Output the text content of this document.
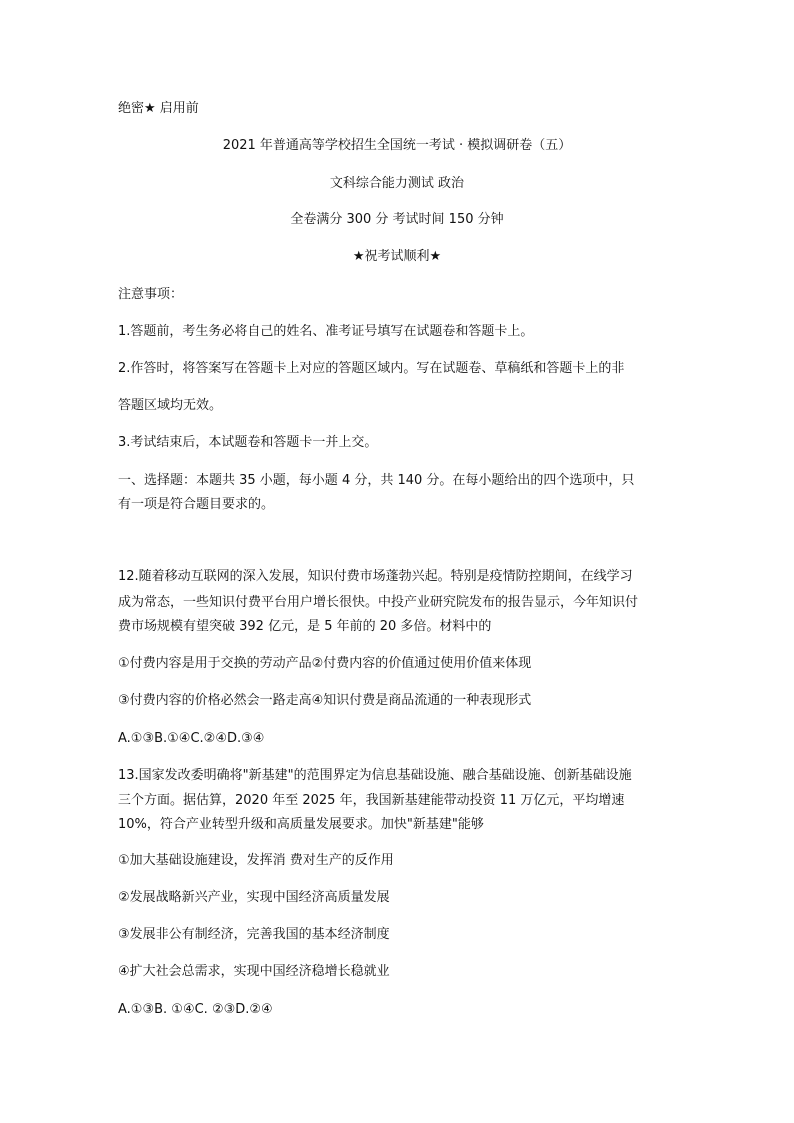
绝密★ 启用前
2021 年普通高等学校招生全国统一考试 · 模拟调研卷（五）
文科综合能力测试 政治
全卷满分 300 分 考试时间 150 分钟
★祝考试顺利★
注意事项：
1.答题前，考生务必将自己的姓名、准考证号填写在试题卷和答题卡上。
2.作答时，将答案写在答题卡上对应的答题区域内。写在试题卷、草稿纸和答题卡上的非
答题区域均无效。
3.考试结束后，本试题卷和答题卡一并上交。
一、选择题：本题共 35 小题，每小题 4 分，共 140 分。在每小题给出的四个选项中，只
有一项是符合题目要求的。
12.随着移动互联网的深入发展，知识付费市场蓬勃兴起。特别是疫情防控期间，在线学习
成为常态，一些知识付费平台用户增长很快。中投产业研究院发布的报告显示，今年知识付
费市场规模有望突破 392 亿元，是 5 年前的 20 多倍。材料中的
①付费内容是用于交换的劳动产品②付费内容的价值通过使用价值来体现
③付费内容的价格必然会一路走高④知识付费是商品流通的一种表现形式
A.①③B.①④C.②④D.③④
13.国家发改委明确将"新基建"的范围界定为信息基础设施、融合基础设施、创新基础设施
三个方面。据估算，2020 年至 2025 年，我国新基建能带动投资 11 万亿元，平均增速
10%，符合产业转型升级和高质量发展要求。加快"新基建"能够
①加大基础设施建设，发挥消 费对生产的反作用
②发展战略新兴产业，实现中国经济高质量发展
③发展非公有制经济，完善我国的基本经济制度
④扩大社会总需求，实现中国经济稳增长稳就业
A.①③B. ①④C. ②③D.②④
